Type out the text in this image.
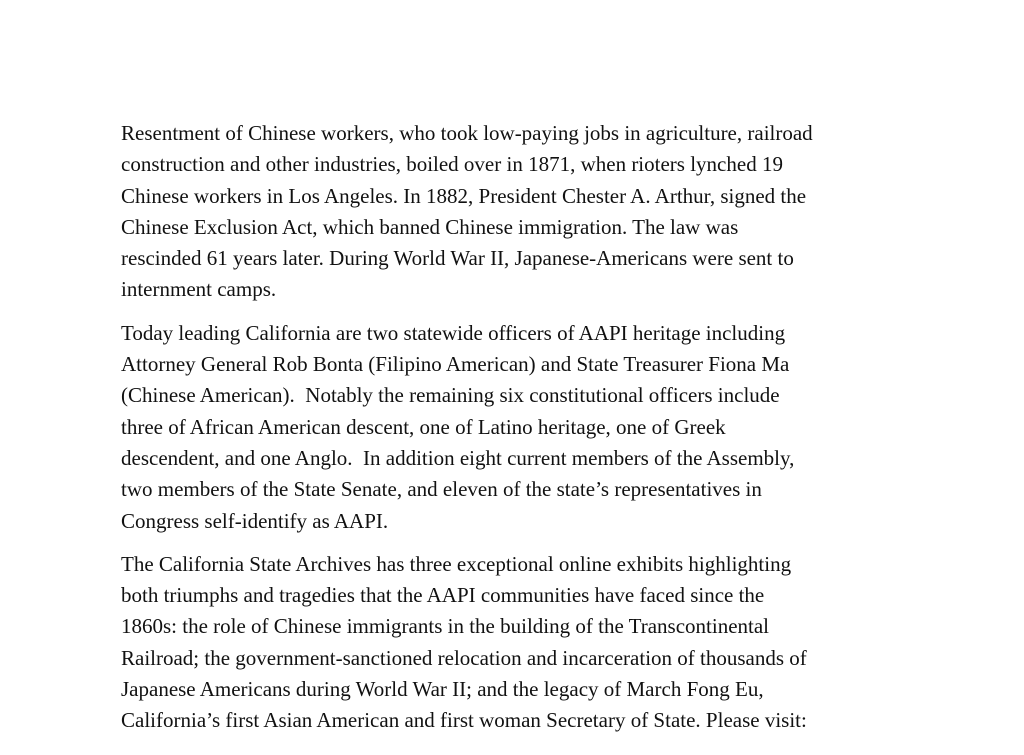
Resentment of Chinese workers, who took low-paying jobs in agriculture, railroad
construction and other industries, boiled over in 1871, when rioters lynched 19
Chinese workers in Los Angeles. In 1882, President Chester A. Arthur, signed the
Chinese Exclusion Act, which banned Chinese immigration. The law was
rescinded 61 years later. During World War II, Japanese-Americans were sent to
internment camps.
Today leading California are two statewide officers of AAPI heritage including
Attorney General Rob Bonta (Filipino American) and State Treasurer Fiona Ma
(Chinese American).  Notably the remaining six constitutional officers include
three of African American descent, one of Latino heritage, one of Greek
descendent, and one Anglo.  In addition eight current members of the Assembly,
two members of the State Senate, and eleven of the state’s representatives in
Congress self-identify as AAPI.
The California State Archives has three exceptional online exhibits highlighting
both triumphs and tragedies that the AAPI communities have faced since the
1860s: the role of Chinese immigrants in the building of the Transcontinental
Railroad; the government-sanctioned relocation and incarceration of thousands of
Japanese Americans during World War II; and the legacy of March Fong Eu,
California’s first Asian American and first woman Secretary of State. Please visit:
